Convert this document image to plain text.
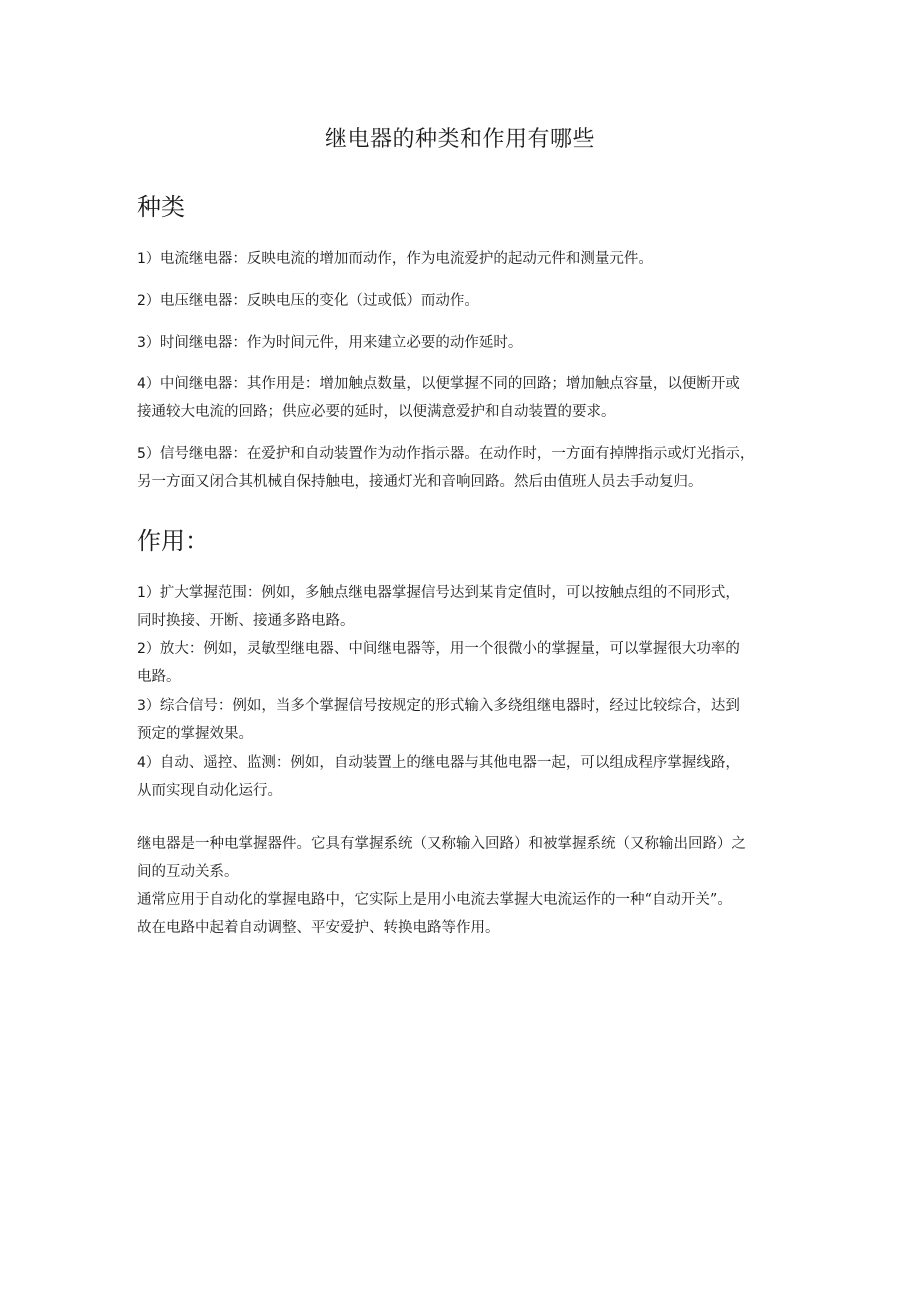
继电器的种类和作用有哪些
种类
1）电流继电器：反映电流的增加而动作，作为电流爱护的起动元件和测量元件。
2）电压继电器：反映电压的变化（过或低）而动作。
3）时间继电器：作为时间元件，用来建立必要的动作延时。
4）中间继电器：其作用是：增加触点数量，以便掌握不同的回路；增加触点容量，以便断开或
接通较大电流的回路；供应必要的延时，以便满意爱护和自动装置的要求。
5）信号继电器：在爱护和自动装置作为动作指示器。在动作时，一方面有掉牌指示或灯光指示，
另一方面又闭合其机械自保持触电，接通灯光和音响回路。然后由值班人员去手动复归。
作用：
1）扩大掌握范围：例如，多触点继电器掌握信号达到某肯定值时，可以按触点组的不同形式，
同时换接、开断、接通多路电路。
2）放大：例如，灵敏型继电器、中间继电器等，用一个很微小的掌握量，可以掌握很大功率的
电路。
3）综合信号：例如，当多个掌握信号按规定的形式输入多绕组继电器时，经过比较综合，达到
预定的掌握效果。
4）自动、遥控、监测：例如，自动装置上的继电器与其他电器一起，可以组成程序掌握线路，
从而实现自动化运行。
继电器是一种电掌握器件。它具有掌握系统（又称输入回路）和被掌握系统（又称输出回路）之
间的互动关系。
通常应用于自动化的掌握电路中，它实际上是用小电流去掌握大电流运作的一种“自动开关”。
故在电路中起着自动调整、平安爱护、转换电路等作用。
